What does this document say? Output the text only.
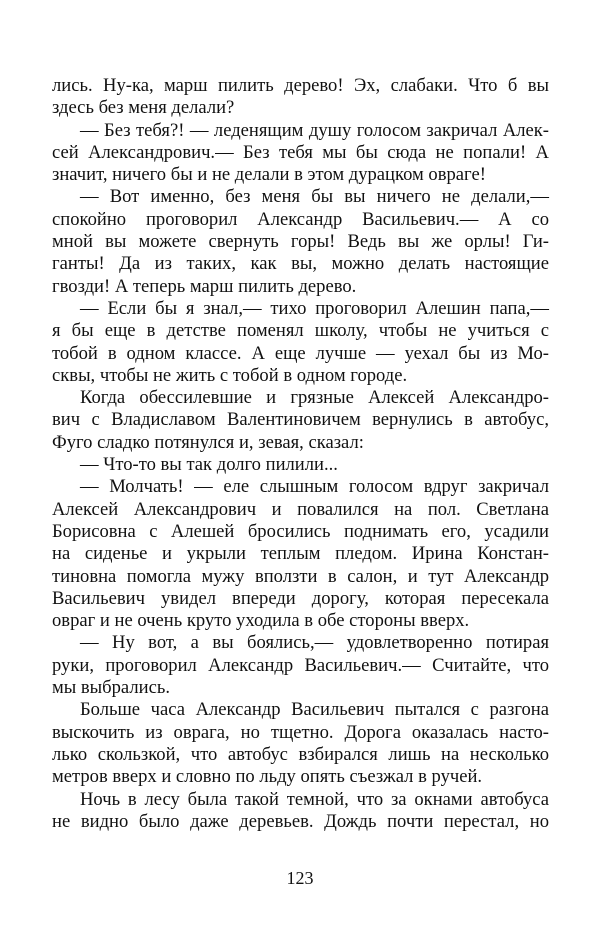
лись. Ну-ка, марш пилить дерево! Эх, слабаки. Что б вы
здесь без меня делали?
— Без тебя?! — леденящим душу голосом закричал Алек-
сей Александрович.— Без тебя мы бы сюда не попали! А
значит, ничего бы и не делали в этом дурацком овраге!
— Вот именно, без меня бы вы ничего не делали,—
спокойно проговорил Александр Васильевич.— А со
мной вы можете свернуть горы! Ведь вы же орлы! Ги-
ганты! Да из таких, как вы, можно делать настоящие
гвозди! А теперь марш пилить дерево.
— Если бы я знал,— тихо проговорил Алешин папа,—
я бы еще в детстве поменял школу, чтобы не учиться с
тобой в одном классе. А еще лучше — уехал бы из Мо-
сквы, чтобы не жить с тобой в одном городе.
Когда обессилевшие и грязные Алексей Александро-
вич с Владиславом Валентиновичем вернулись в автобус,
Фуго сладко потянулся и, зевая, сказал:
— Что-то вы так долго пилили...
— Молчать! — еле слышным голосом вдруг закричал
Алексей Александрович и повалился на пол. Светлана
Борисовна с Алешей бросились поднимать его, усадили
на сиденье и укрыли теплым пледом. Ирина Констан-
тиновна помогла мужу вползти в салон, и тут Александр
Васильевич увидел впереди дорогу, которая пересекала
овраг и не очень круто уходила в обе стороны вверх.
— Ну вот, а вы боялись,— удовлетворенно потирая
руки, проговорил Александр Васильевич.— Считайте, что
мы выбрались.
Больше часа Александр Васильевич пытался с разгона
выскочить из оврага, но тщетно. Дорога оказалась насто-
лько скользкой, что автобус взбирался лишь на несколько
метров вверх и словно по льду опять съезжал в ручей.
Ночь в лесу была такой темной, что за окнами автобуса
не видно было даже деревьев. Дождь почти перестал, но
123
